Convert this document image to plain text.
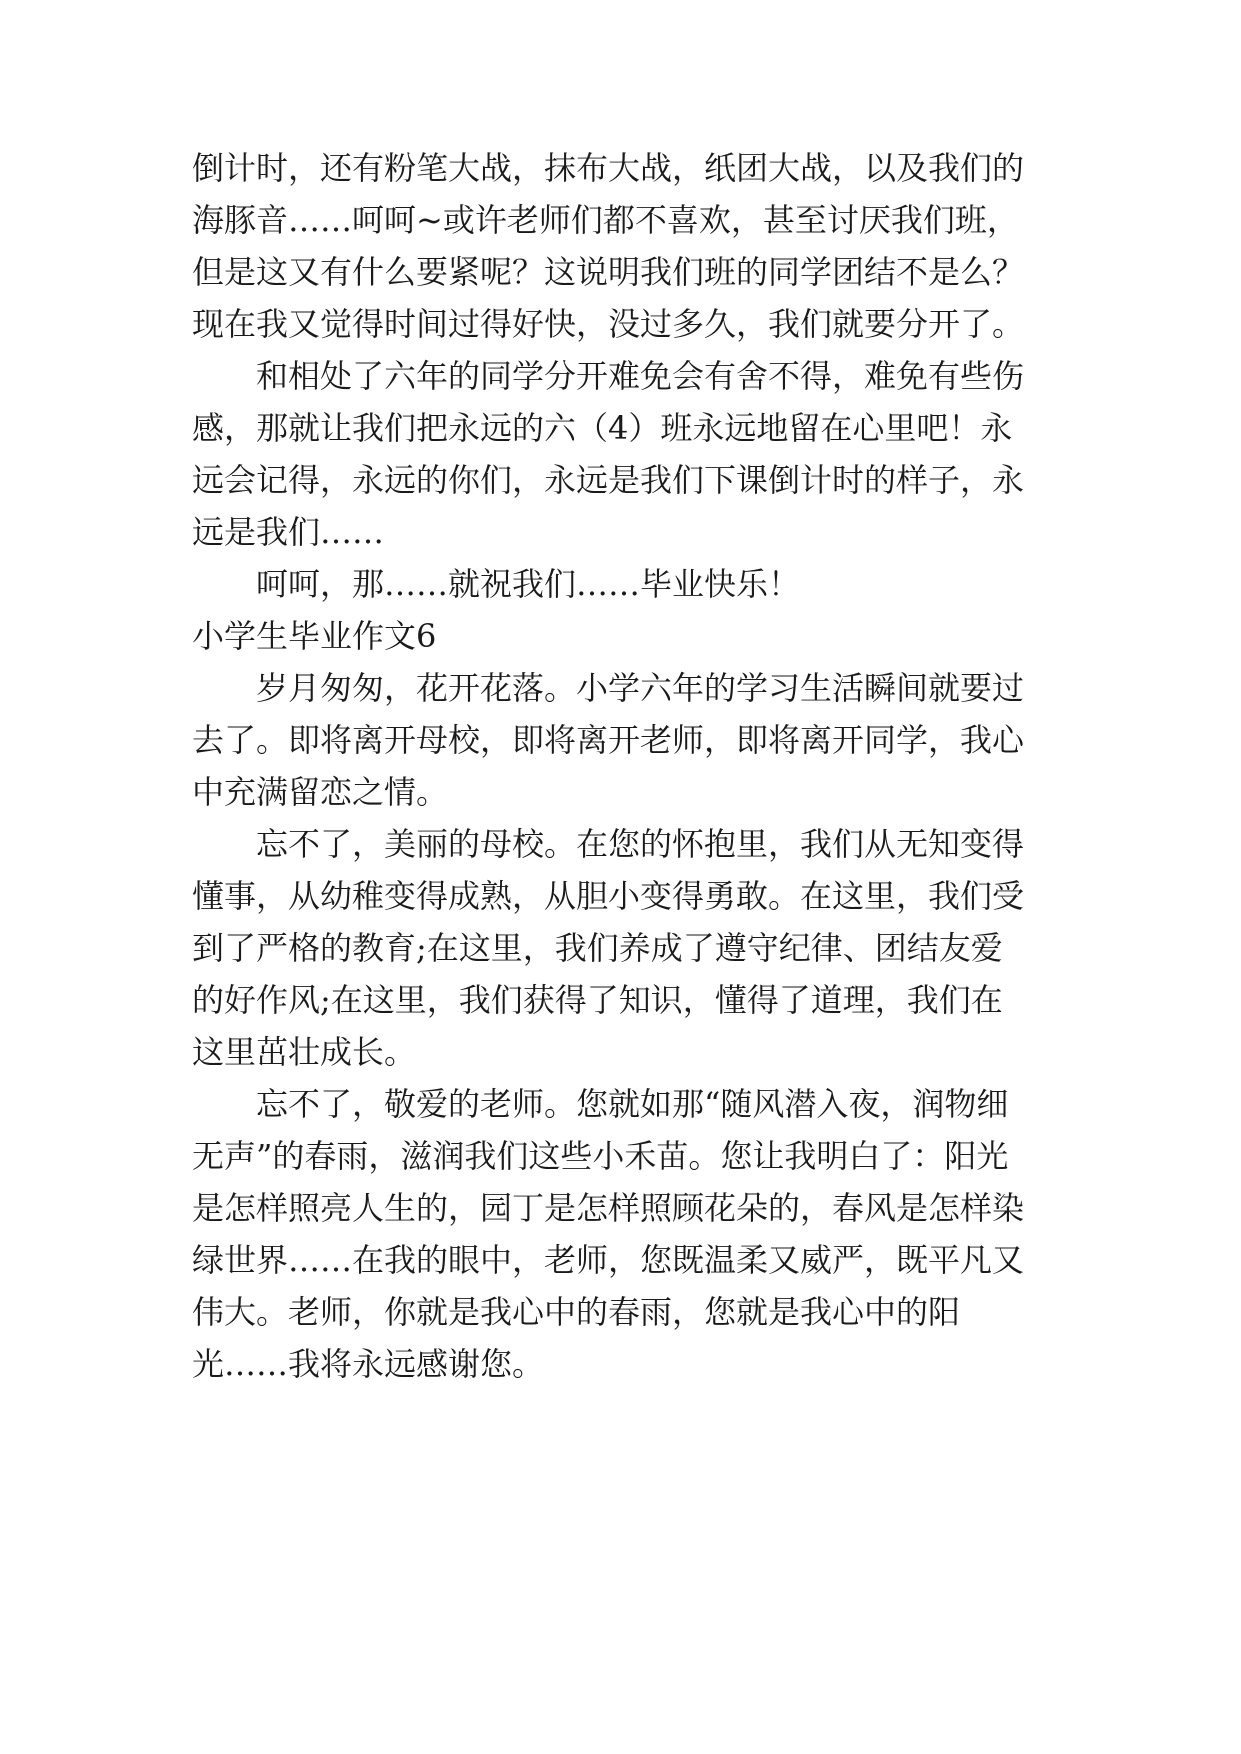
倒计时，还有粉笔大战，抹布大战，纸团大战，以及我们的

海豚音……呵呵~或许老师们都不喜欢，甚至讨厌我们班，

但是这又有什么要紧呢？这说明我们班的同学团结不是么？

现在我又觉得时间过得好快，没过多久，我们就要分开了。

和相处了六年的同学分开难免会有舍不得，难免有些伤

感，那就让我们把永远的六（4）班永远地留在心里吧！永

远会记得，永远的你们，永远是我们下课倒计时的样子，永

远是我们……

呵呵，那……就祝我们……毕业快乐！

小学生毕业作文6

岁月匆匆，花开花落。小学六年的学习生活瞬间就要过

去了。即将离开母校，即将离开老师，即将离开同学，我心

中充满留恋之情。

忘不了，美丽的母校。在您的怀抱里，我们从无知变得

懂事，从幼稚变得成熟，从胆小变得勇敢。在这里，我们受

到了严格的教育;在这里，我们养成了遵守纪律、团结友爱

的好作风;在这里，我们获得了知识，懂得了道理，我们在

这里茁壮成长。

忘不了，敬爱的老师。您就如那“随风潜入夜，润物细

无声”的春雨，滋润我们这些小禾苗。您让我明白了：阳光

是怎样照亮人生的，园丁是怎样照顾花朵的，春风是怎样染

绿世界……在我的眼中，老师，您既温柔又威严，既平凡又

伟大。老师，你就是我心中的春雨，您就是我心中的阳

光……我将永远感谢您。
